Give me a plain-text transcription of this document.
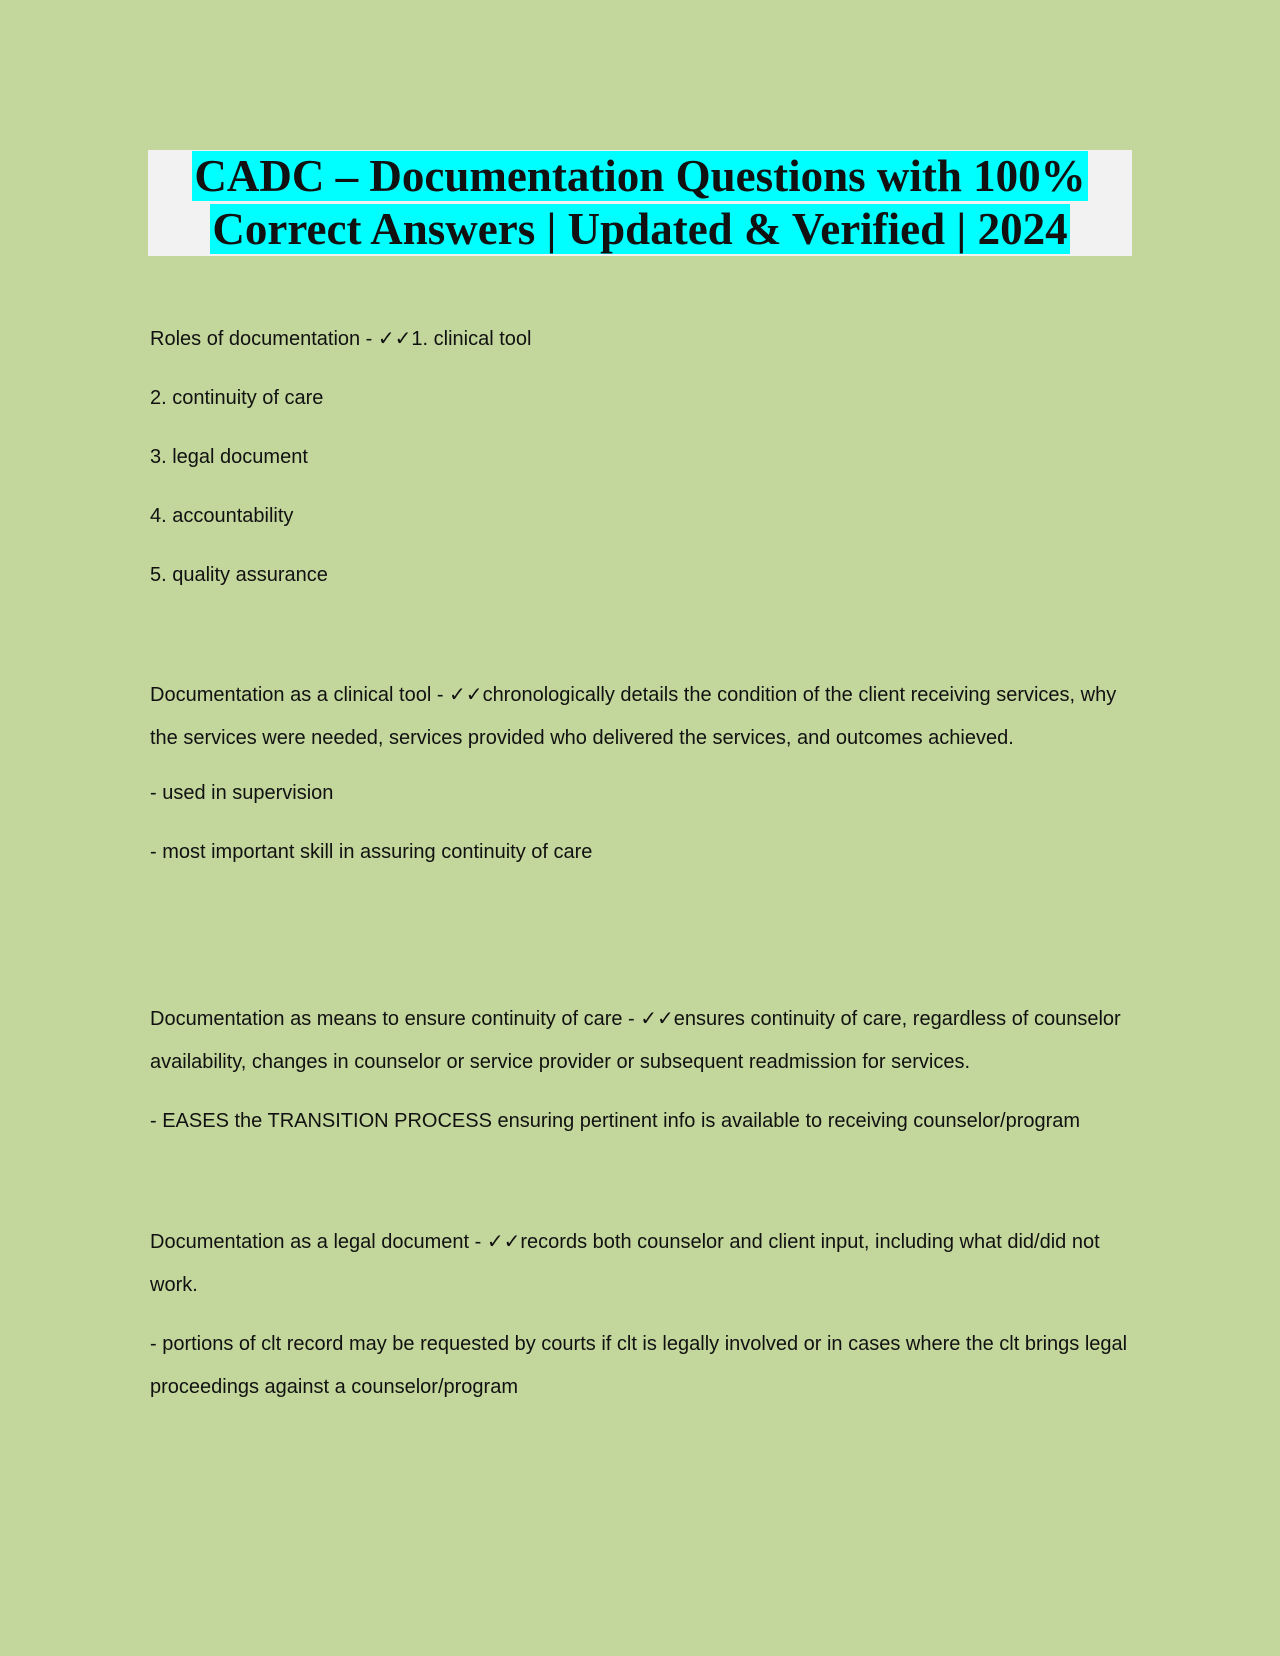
CADC – Documentation Questions with 100%
Correct Answers | Updated & Verified | 2024

Roles of documentation - ✓✓1. clinical tool

2. continuity of care

3. legal document

4. accountability

5. quality assurance

Documentation as a clinical tool - ✓✓chronologically details the condition of the client receiving services, why the services were needed, services provided who delivered the services, and outcomes achieved.

- used in supervision

- most important skill in assuring continuity of care

Documentation as means to ensure continuity of care - ✓✓ensures continuity of care, regardless of counselor availability, changes in counselor or service provider or subsequent readmission for services.

- EASES the TRANSITION PROCESS ensuring pertinent info is available to receiving counselor/program

Documentation as a legal document - ✓✓records both counselor and client input, including what did/did not work.

- portions of clt record may be requested by courts if clt is legally involved or in cases where the clt brings legal proceedings against a counselor/program
